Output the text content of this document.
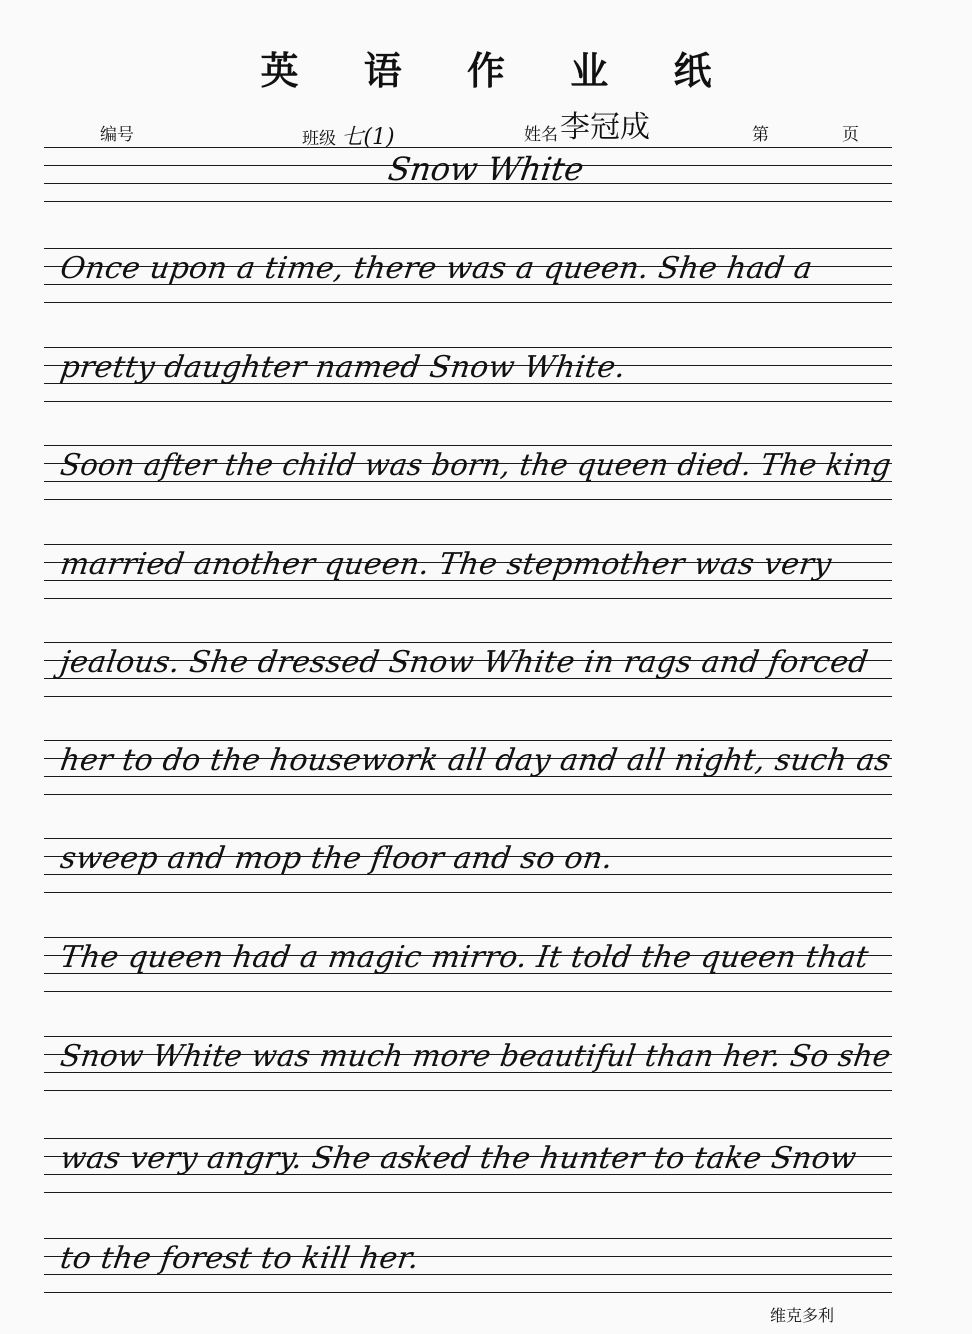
英 语 作 业 纸
编号	班级 七(1)	姓名 李冠成	第	页
Snow White
Once upon a time, there was a queen. She had a
pretty daughter named Snow White.
Soon after the child was born, the queen died. The king
married another queen. The stepmother was very
jealous. She dressed Snow White in rags and forced
her to do the housework all day and all night, such as
sweep and mop the floor and so on.
The queen had a magic mirro. It told the queen that
Snow White was much more beautiful than her. So she
was very angry. She asked the hunter to take Snow
to the forest to kill her.
维克多利
